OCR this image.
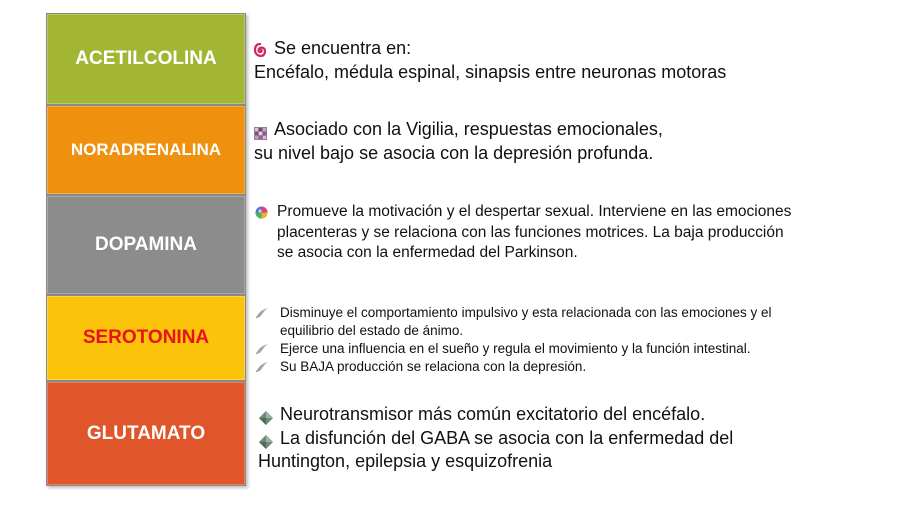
ACETILCOLINA
NORADRENALINA
DOPAMINA
SEROTONINA
GLUTAMATO
Se encuentra en:
Encéfalo, médula espinal, sinapsis entre neuronas motoras
Asociado con la Vigilia, respuestas emocionales,
su nivel bajo se asocia con la depresión profunda.
Promueve la motivación y el despertar sexual. Interviene en las emociones
placenteras y se relaciona con las funciones motrices. La baja producción
se asocia con la enfermedad del Parkinson.
Disminuye el comportamiento impulsivo y esta relacionada con las emociones y el
equilibrio del estado de ánimo.
Ejerce una influencia en el sueño y regula el movimiento y la función intestinal.
Su BAJA producción se relaciona con la depresión.
Neurotransmisor más común excitatorio del encéfalo.
La disfunción del GABA se asocia con la enfermedad del
Huntington, epilepsia y esquizofrenia
